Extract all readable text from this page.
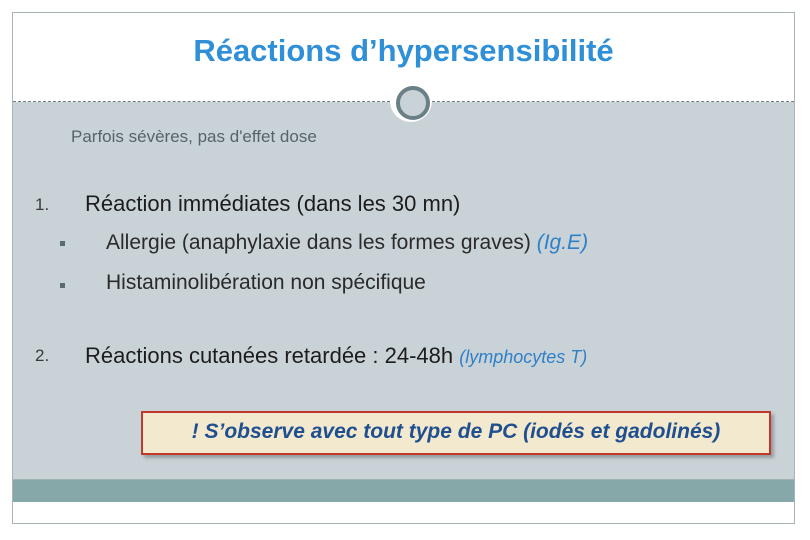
Réactions d’hypersensibilité
Parfois sévères, pas d'effet dose
1. Réaction immédiates (dans les 30 mn)
Allergie (anaphylaxie dans les formes graves) (Ig.E)
Histaminolibération non spécifique
2. Réactions cutanées retardée : 24-48h (lymphocytes T)
! S’observe avec tout type de PC (iodés et gadolinés)
